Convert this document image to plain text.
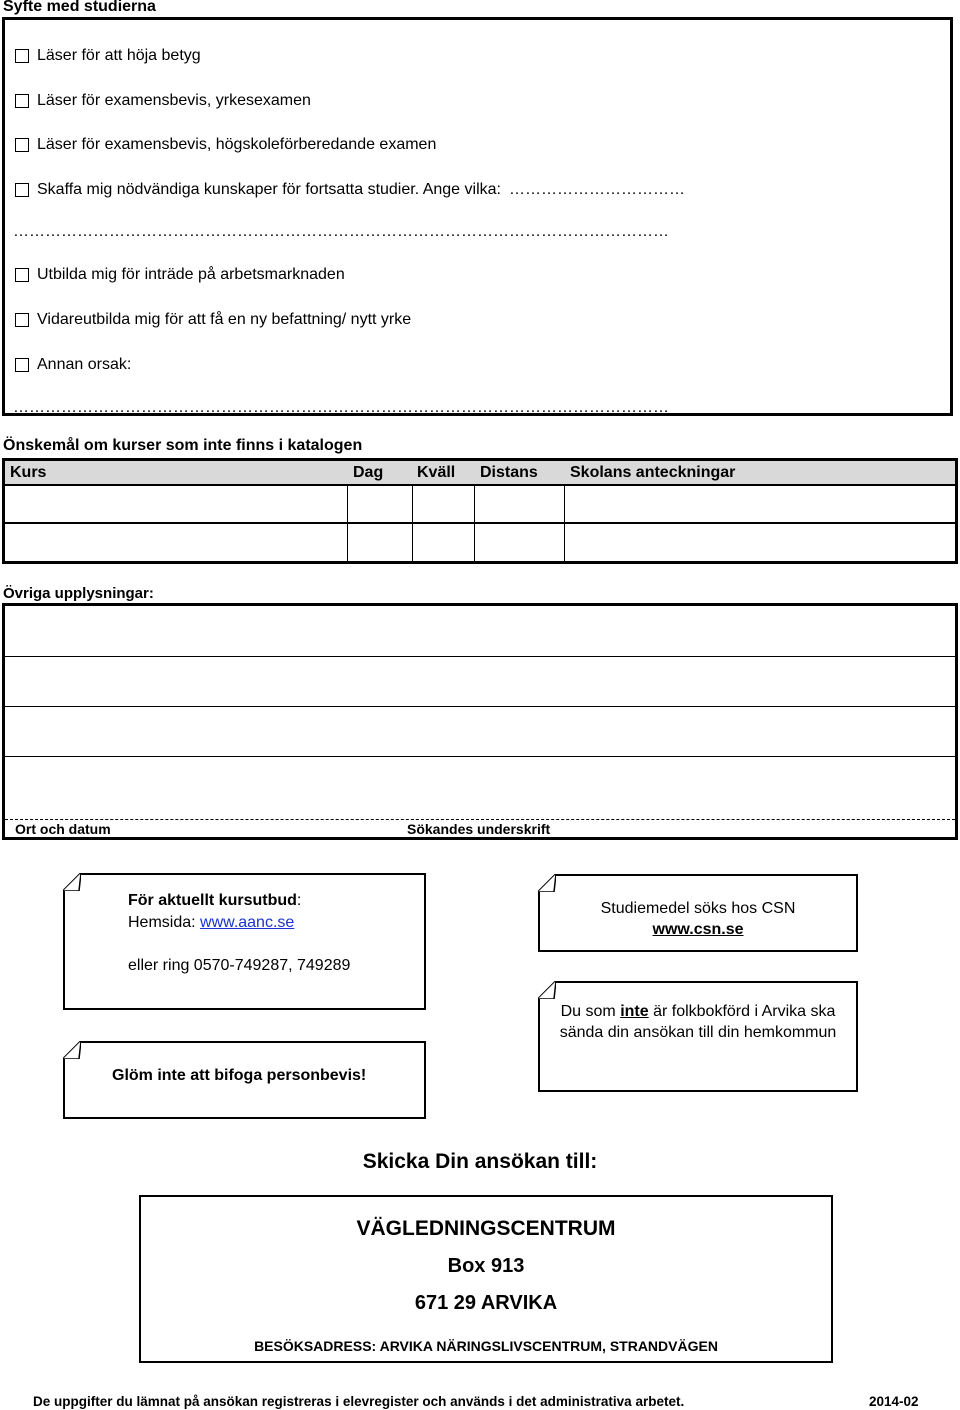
Syfte med studierna
Läser för att höja betyg
Läser för examensbevis, yrkesexamen
Läser för examensbevis, högskoleförberedande examen
Skaffa mig nödvändiga kunskaper för fortsatta studier. Ange vilka: ……………………………
……………………………………………………………………………………………………………
Utbilda mig för inträde på arbetsmarknaden
Vidareutbilda mig för att få en ny befattning/ nytt yrke
Annan orsak:
……………………………………………………………………………………………………………
Önskemål om kurser som inte finns i katalogen
Kurs	Dag	Kväll	Distans	Skolans anteckningar
Övriga upplysningar:
Ort och datum	Sökandes underskrift
För aktuellt kursutbud:
Hemsida: www.aanc.se
eller ring 0570-749287, 749289
Glöm inte att bifoga personbevis!
Studiemedel söks hos CSN
www.csn.se
Du som inte är folkbokförd i Arvika ska sända din ansökan till din hemkommun
Skicka Din ansökan till:
VÄGLEDNINGSCENTRUM
Box 913
671 29 ARVIKA
BESÖKSADRESS: ARVIKA NÄRINGSLIVSCENTRUM, STRANDVÄGEN
De uppgifter du lämnat på ansökan registreras i elevregister och används i det administrativa arbetet.	2014-02
